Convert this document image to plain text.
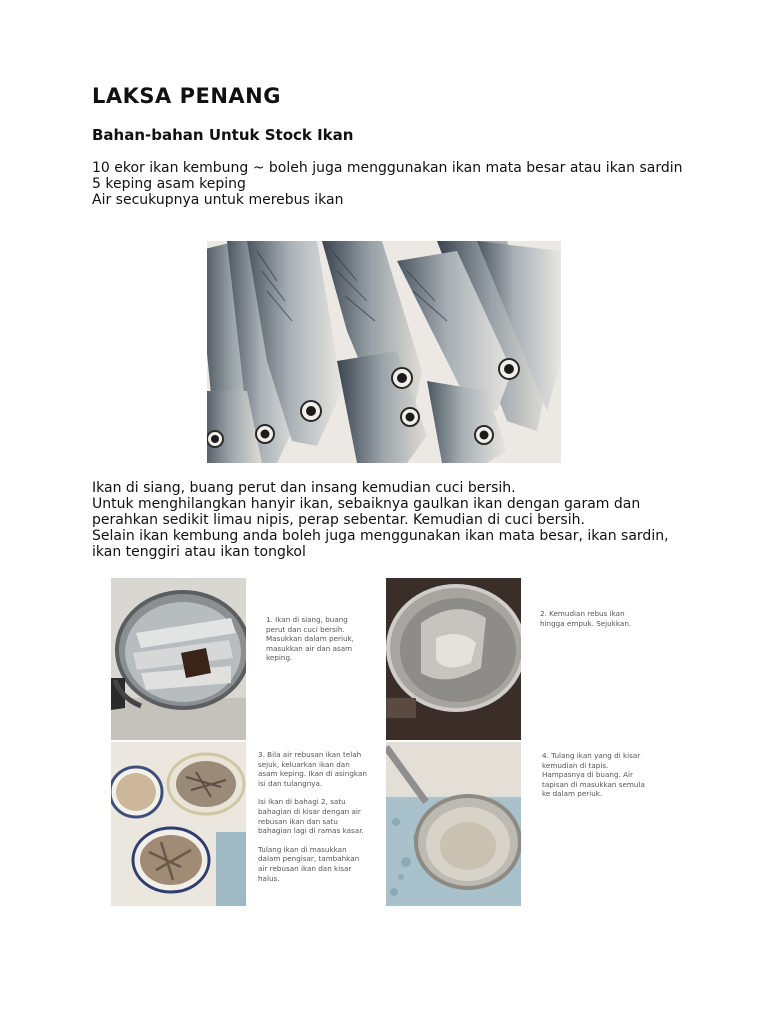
LAKSA PENANG
Bahan-bahan Untuk Stock Ikan

10 ekor ikan kembung ~ boleh juga menggunakan ikan mata besar atau ikan sardin

5 keping asam keping

Air secukupnya untuk merebus ikan

Ikan di siang, buang perut dan insang kemudian cuci bersih.

Untuk menghilangkan hanyir ikan, sebaiknya gaulkan ikan dengan garam dan perahkan sedikit limau nipis, perap sebentar. Kemudian di cuci bersih.

Selain ikan kembung anda boleh juga menggunakan ikan mata besar, ikan sardin, ikan tenggiri atau ikan tongkol

1. Ikan di siang, buang perut dan cuci bersih. Masukkan dalam periuk, masukkan air dan asam keping.

2. Kemudian rebus ikan hingga empuk. Sejukkan.

3. Bila air rebusan ikan telah sejuk, keluarkan ikan dan asam keping. Ikan di asingkan isi dan tulangnya.

Isi ikan di bahagi 2, satu bahagian di kisar dengan air rebusan ikan dan satu bahagian lagi di ramas kasar.

Tulang ikan di masukkan dalam pengisar, tambahkan air rebusan ikan dan kisar halus.

4. Tulang ikan yang di kisar kemudian di tapis. Hampasnya di buang. Air tapisan di masukkan semula ke dalam periuk.
